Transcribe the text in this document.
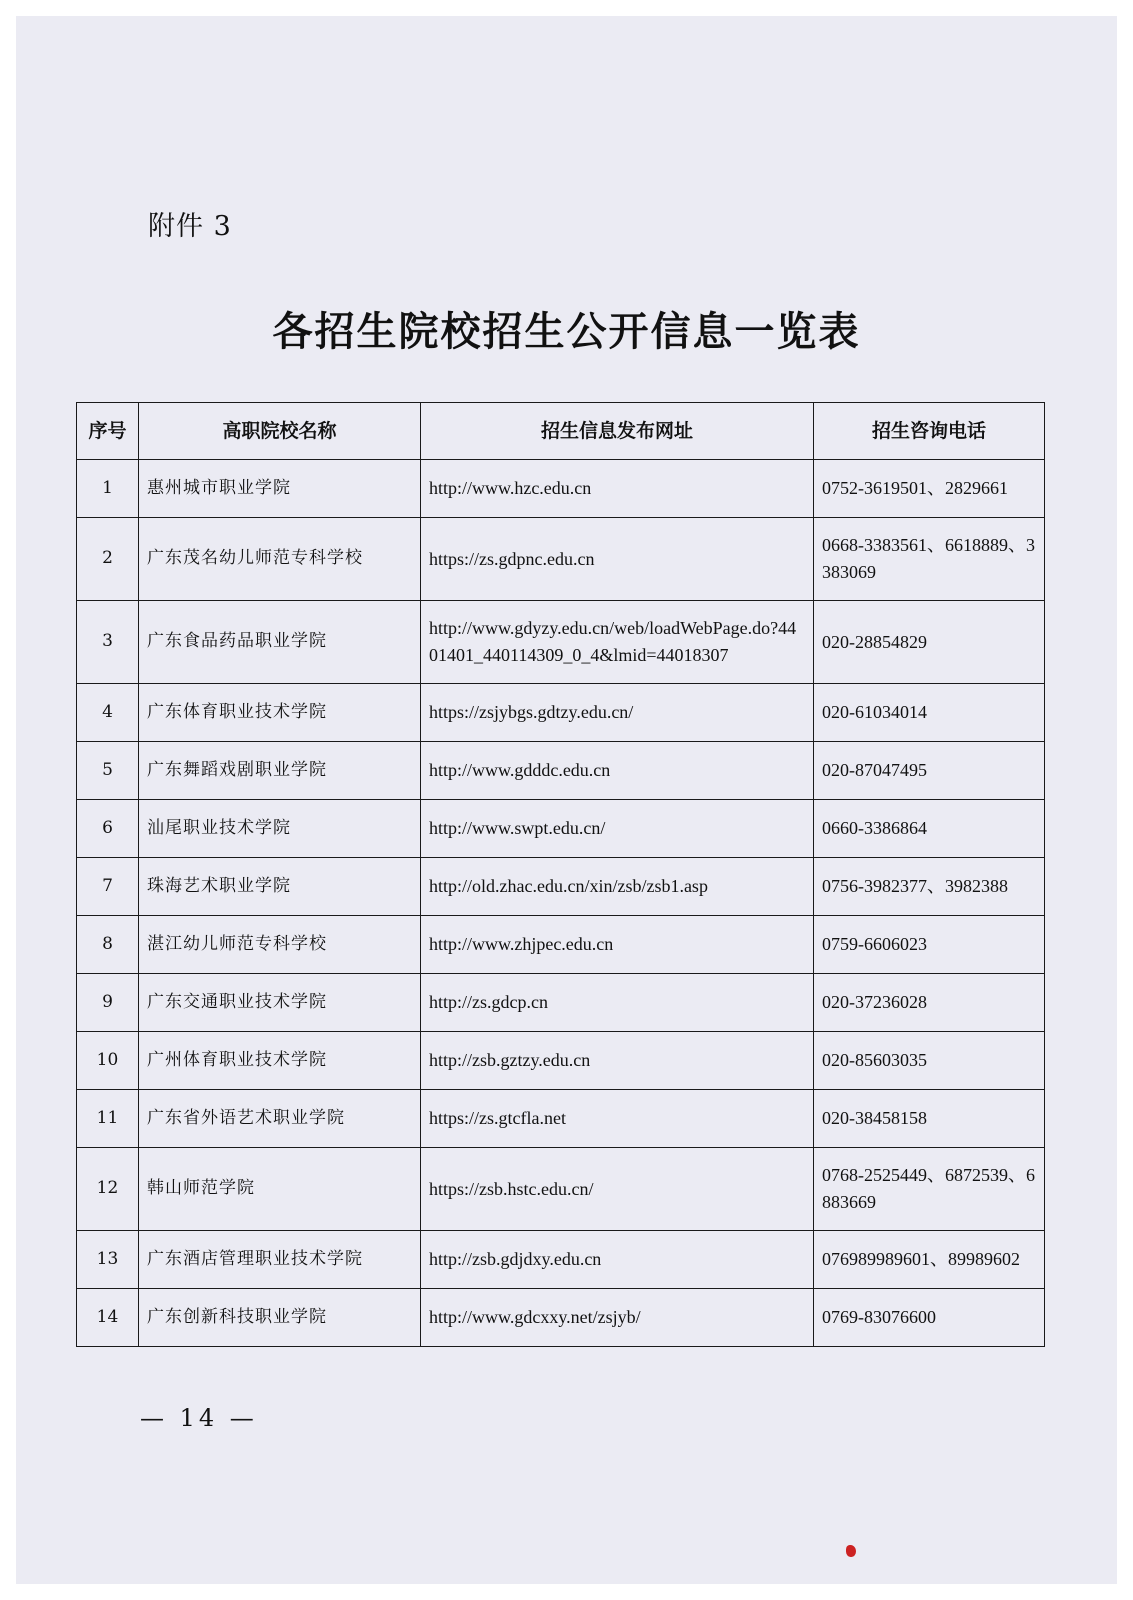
附件 3
各招生院校招生公开信息一览表
序号	高职院校名称	招生信息发布网址	招生咨询电话
1	惠州城市职业学院	http://www.hzc.edu.cn	0752-3619501、2829661
2	广东茂名幼儿师范专科学校	https://zs.gdpnc.edu.cn	0668-3383561、6618889、3383069
3	广东食品药品职业学院	http://www.gdyzy.edu.cn/web/loadWebPage.do?4401401_440114309_0_4&lmid=44018307	020-28854829
4	广东体育职业技术学院	https://zsjybgs.gdtzy.edu.cn/	020-61034014
5	广东舞蹈戏剧职业学院	http://www.gdddc.edu.cn	020-87047495
6	汕尾职业技术学院	http://www.swpt.edu.cn/	0660-3386864
7	珠海艺术职业学院	http://old.zhac.edu.cn/xin/zsb/zsb1.asp	0756-3982377、3982388
8	湛江幼儿师范专科学校	http://www.zhjpec.edu.cn	0759-6606023
9	广东交通职业技术学院	http://zs.gdcp.cn	020-37236028
10	广州体育职业技术学院	http://zsb.gztzy.edu.cn	020-85603035
11	广东省外语艺术职业学院	https://zs.gtcfla.net	020-38458158
12	韩山师范学院	https://zsb.hstc.edu.cn/	0768-2525449、6872539、6883669
13	广东酒店管理职业技术学院	http://zsb.gdjdxy.edu.cn	076989989601、89989602
14	广东创新科技职业学院	http://www.gdcxxy.net/zsjyb/	0769-83076600
— 14 —
